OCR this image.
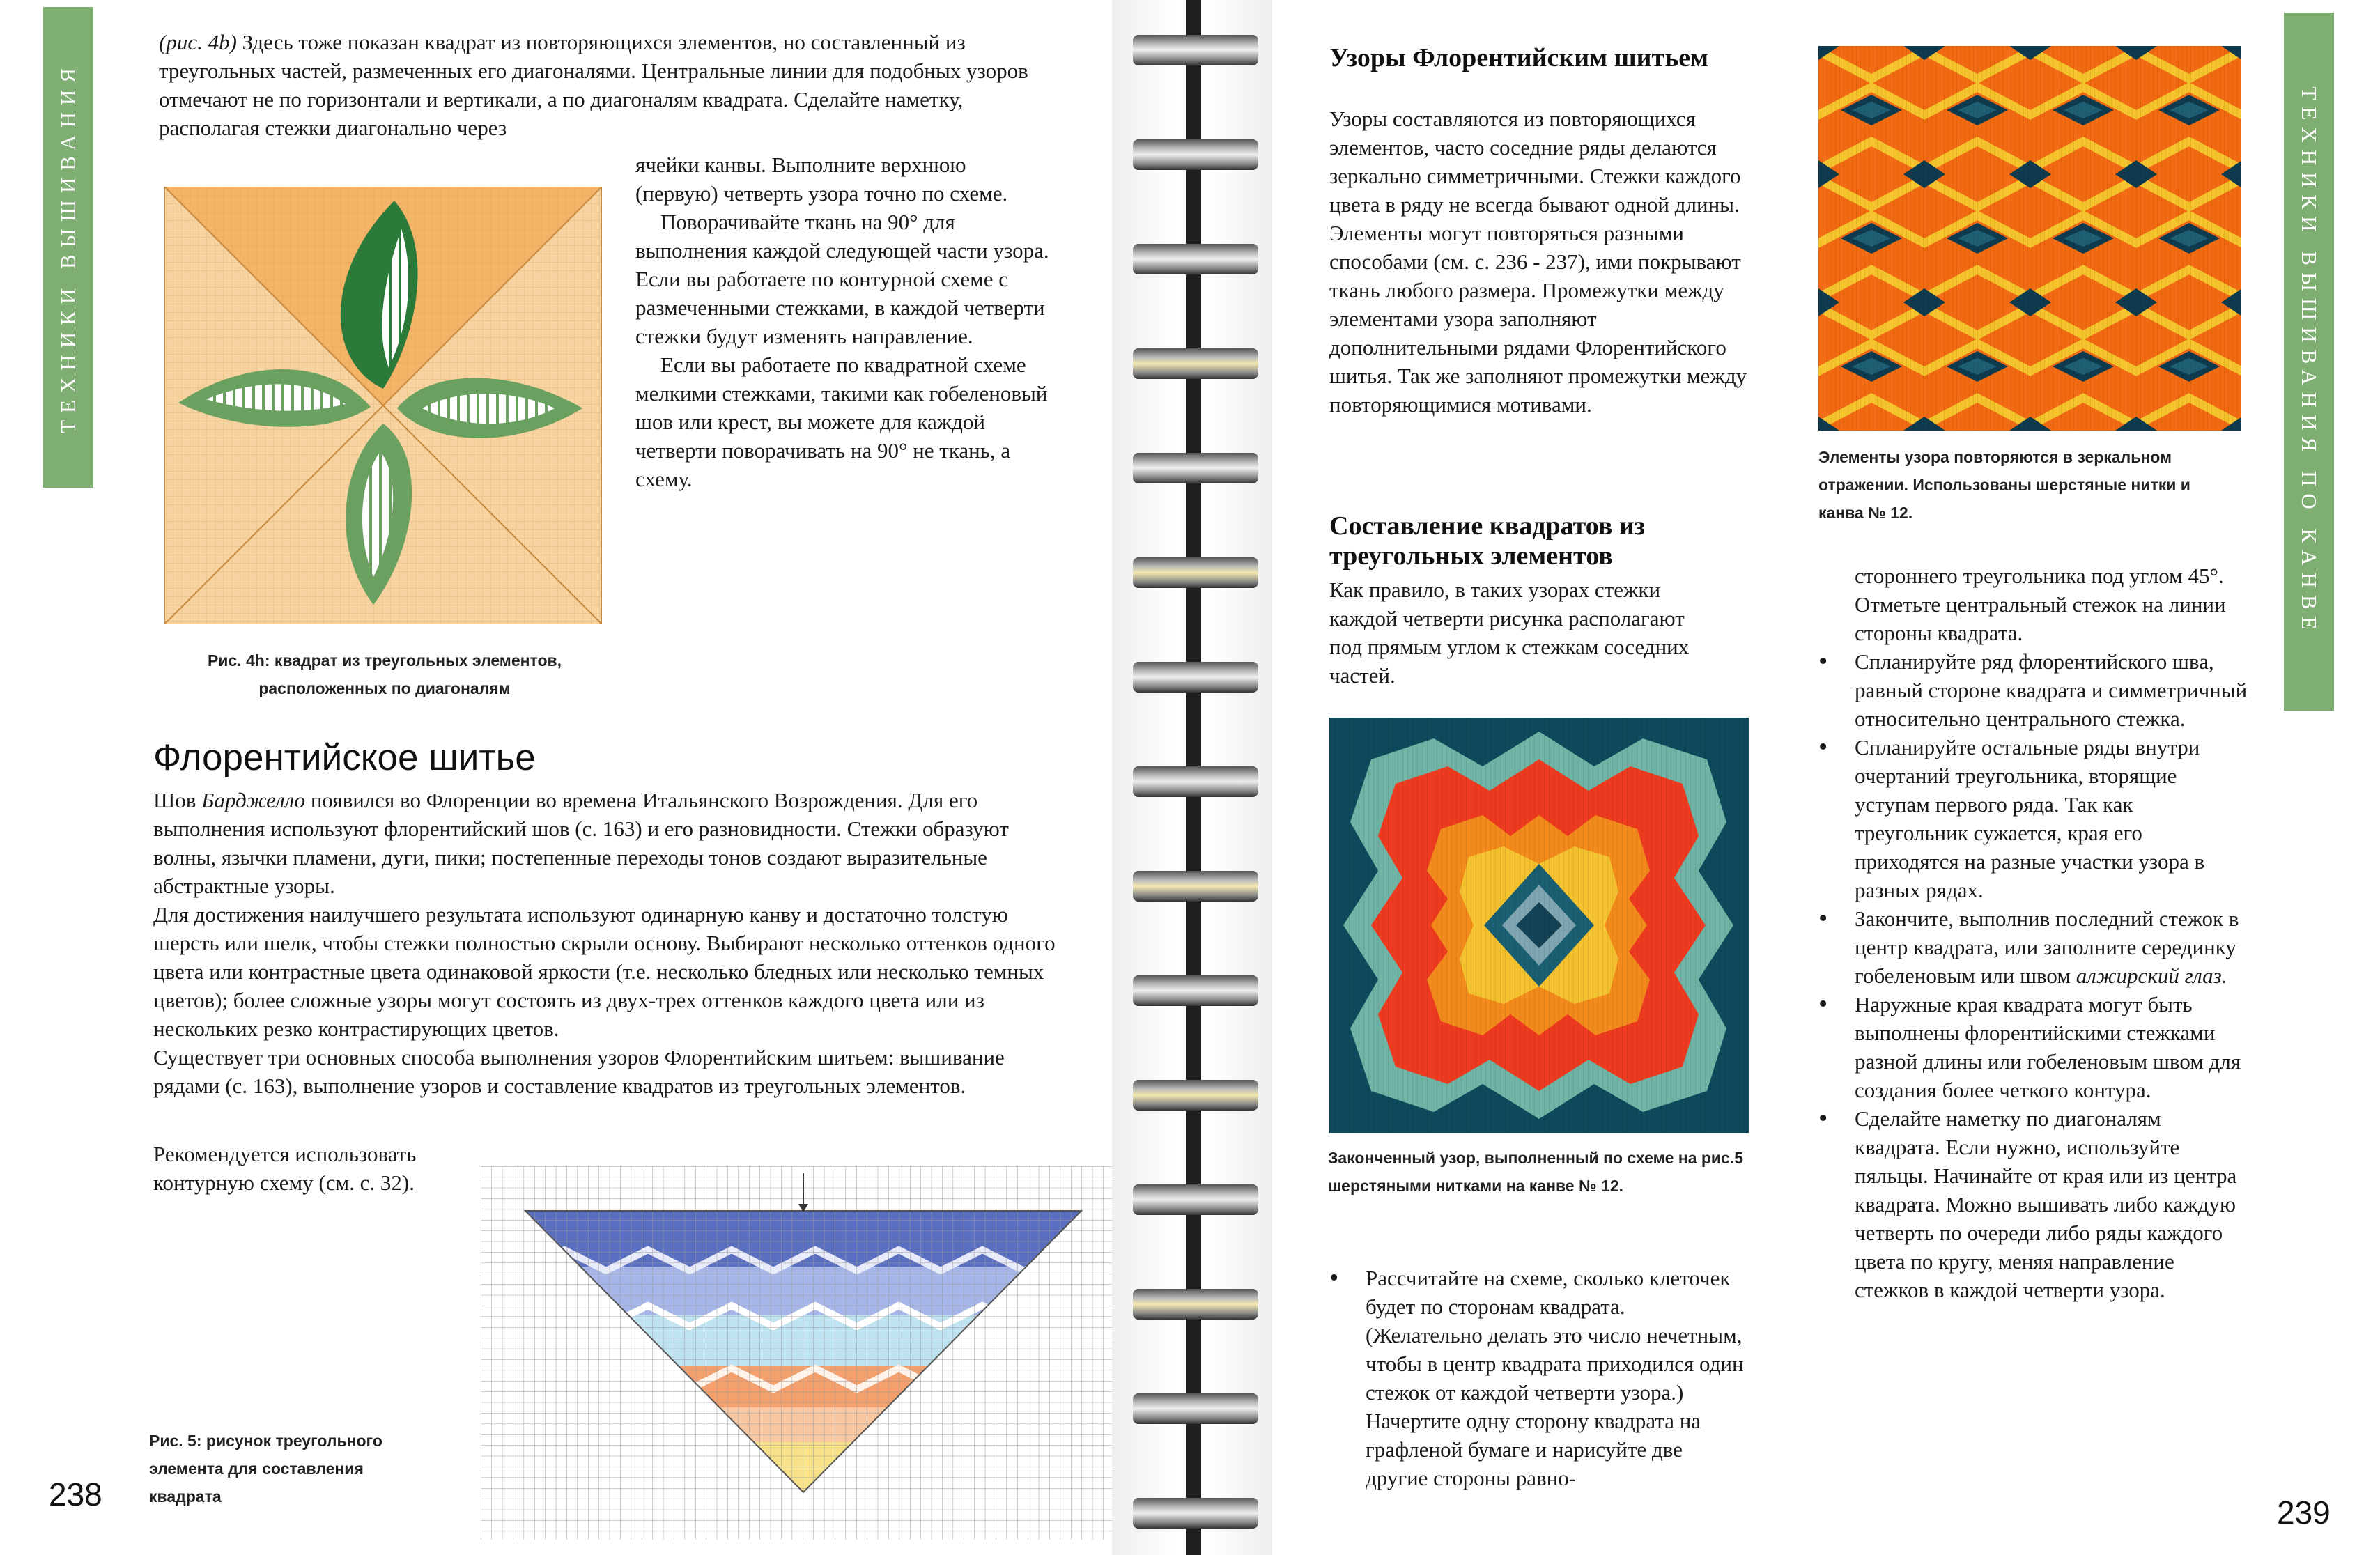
ТЕХНИКИ ВЫШИВАНИЯ
(рис. 4b) Здесь тоже показан квадрат из повторяющихся элементов, но составленный из треугольных частей, размеченных его диагоналями. Центральные линии для подобных узоров отмечают не по горизонтали и вертикали, а по диагоналям квадрата. Сделайте наметку, располагая стежки диагонально через
ячейки канвы. Выполните верхнюю (первую) четверть узора точно по схеме.
Поворачивайте ткань на 90° для выполнения каждой следующей части узора. Если вы работаете по контурной схеме с размеченными стежками, в каждой четверти стежки будут изменять направление.
Если вы работаете по квадратной схеме мелкими стежками, такими как гобеленовый шов или крест, вы можете для каждой четверти поворачивать на 90° не ткань, а схему.
Рис. 4h: квадрат из треугольных элементов, расположенных по диагоналям
Флорентийское шитье
Шов Барджелло появился во Флоренции во времена Итальянского Возрождения. Для его выполнения используют флорентийский шов (с. 163) и его разновидности. Стежки образуют волны, язычки пламени, дуги, пики; постепенные переходы тонов создают выразительные абстрактные узоры.
Для достижения наилучшего результата используют одинарную канву и достаточно толстую шерсть или шелк, чтобы стежки полностью скрыли основу. Выбирают несколько оттенков одного цвета или контрастные цвета одинаковой яркости (т.е. несколько бледных или несколько темных цветов); более сложные узоры могут состоять из двух-трех оттенков каждого цвета или из нескольких резко контрастирующих цветов.
Существует три основных способа выполнения узоров Флорентийским шитьем: вышивание рядами (с. 163), выполнение узоров и составление квадратов из треугольных элементов.
Рекомендуется использовать контурную схему (см. с. 32).
Рис. 5: рисунок треугольного элемента для составления квадрата
238
Узоры Флорентийским шитьем
Узоры составляются из повторяющихся элементов, часто соседние ряды делаются зеркально симметричными. Стежки каждого цвета в ряду не всегда бывают одной длины. Элементы могут повторяться разными способами (см. с. 236 - 237), ими покрывают ткань любого размера. Промежутки между элементами узора заполняют дополнительными рядами Флорентийского шитья. Так же заполняют промежутки между повторяющимися мотивами.
Элементы узора повторяются в зеркальном отражении. Использованы шерстяные нитки и канва № 12.
Составление квадратов из треугольных элементов
Как правило, в таких узорах стежки каждой четверти рисунка располагают под прямым углом к стежкам соседних частей.
Законченный узор, выполненный по схеме на рис.5 шерстяными нитками на канве № 12.
• Рассчитайте на схеме, сколько клеточек будет по сторонам квадрата. (Желательно делать это число нечетным, чтобы в центр квадрата приходился один стежок от каждой четверти узора.) Начертите одну сторону квадрата на графленой бумаге и нарисуйте две другие стороны равно-
стороннего треугольника под углом 45°. Отметьте центральный стежок на линии стороны квадрата.
• Спланируйте ряд флорентийского шва, равный стороне квадрата и симметричный относительно центрального стежка.
• Спланируйте остальные ряды внутри очертаний треугольника, вторящие уступам первого ряда. Так как треугольник сужается, края его приходятся на разные участки узора в разных рядах.
• Закончите, выполнив последний стежок в центр квадрата, или заполните серединку гобеленовым или швом алжирский глаз.
• Наружные края квадрата могут быть выполнены флорентийскими стежками разной длины или гобеленовым швом для создания более четкого контура.
• Сделайте наметку по диагоналям квадрата. Если нужно, используйте пяльцы. Начинайте от края или из центра квадрата. Можно вышивать либо каждую четверть по очереди либо ряды каждого цвета по кругу, меняя направление стежков в каждой четверти узора.
ТЕХНИКИ ВЫШИВАНИЯ ПО КАНВЕ
239
